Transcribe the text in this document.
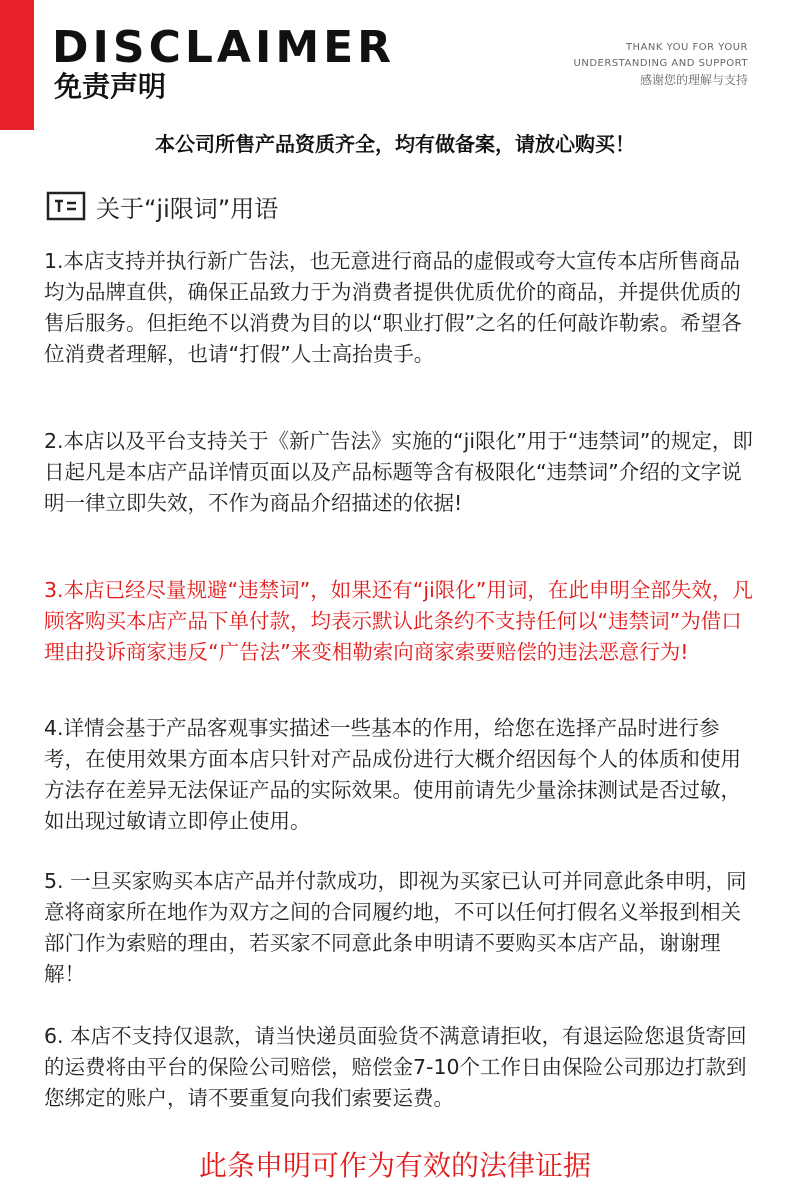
DISCLAIMER
免责声明
THANK YOU FOR YOUR
UNDERSTANDING AND SUPPORT
感谢您的理解与支持
本公司所售产品资质齐全，均有做备案，请放心购买！
关于“ji限词”用语
1.本店支持并执行新广告法，也无意进行商品的虚假或夸大宣传本店所售商品均为品牌直供，确保正品致力于为消费者提供优质优价的商品，并提供优质的售后服务。但拒绝不以消费为目的以“职业打假”之名的任何敲诈勒索。希望各位消费者理解，也请“打假”人士高抬贵手。
2.本店以及平台支持关于《新广告法》实施的“ji限化”用于“违禁词”的规定，即日起凡是本店产品详情页面以及产品标题等含有极限化“违禁词”介绍的文字说明一律立即失效，不作为商品介绍描述的依据!
3.本店已经尽量规避“违禁词”，如果还有“ji限化”用词，在此申明全部失效，凡顾客购买本店产品下单付款，均表示默认此条约不支持任何以“违禁词”为借口理由投诉商家违反“广告法”来变相勒索向商家索要赔偿的违法恶意行为!
4.详情会基于产品客观事实描述一些基本的作用，给您在选择产品时进行参考，在使用效果方面本店只针对产品成份进行大概介绍因每个人的体质和使用方法存在差异无法保证产品的实际效果。使用前请先少量涂抹测试是否过敏，如出现过敏请立即停止使用。
5. 一旦买家购买本店产品并付款成功，即视为买家已认可并同意此条申明，同意将商家所在地作为双方之间的合同履约地，不可以任何打假名义举报到相关部门作为索赔的理由，若买家不同意此条申明请不要购买本店产品，谢谢理解！
6. 本店不支持仅退款，请当快递员面验货不满意请拒收，有退运险您退货寄回的运费将由平台的保险公司赔偿，赔偿金7-10个工作日由保险公司那边打款到您绑定的账户，请不要重复向我们索要运费。
此条申明可作为有效的法律证据
